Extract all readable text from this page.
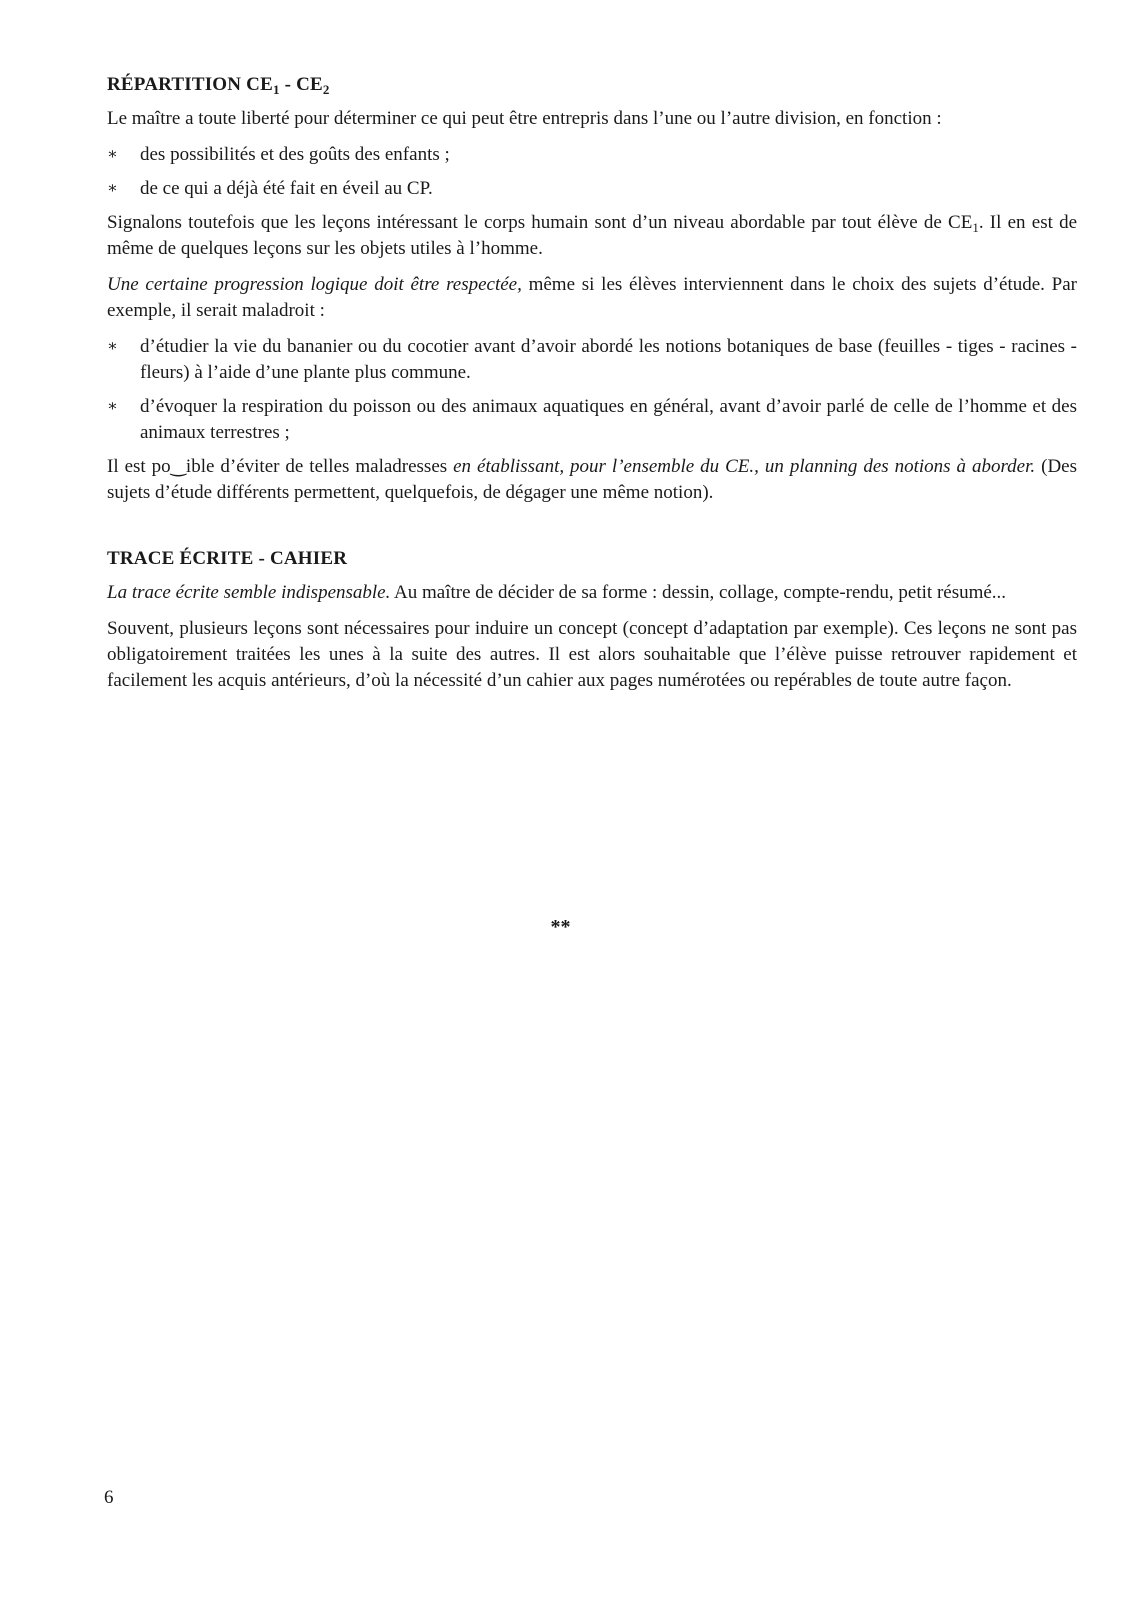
RÉPARTITION $CE_1 - CE_2$

Le maître a toute liberté pour déterminer ce qui peut être entrepris dans l’une ou l’autre division, en fonction :

∗	des possibilités et des goûts des enfants ;
∗	de ce qui a déjà été fait en éveil au CP.

Signalons toutefois que les leçons intéressant le corps humain sont d’un niveau abordable par tout élève de $CE_1$. Il en est de même de quelques leçons sur les objets utiles à l’homme.

Une certaine progression logique doit être respectée, même si les élèves interviennent dans le choix des sujets d’étude. Par exemple, il serait maladroit :

∗	d’étudier la vie du bananier ou du cocotier avant d’avoir abordé les notions botaniques de base (feuilles - tiges - racines - fleurs) à l’aide d’une plante plus commune.
∗	d’évoquer la respiration du poisson ou des animaux aquatiques en général, avant d’avoir parlé de celle de l’homme et des animaux terrestres ;

Il est po‿ible d’éviter de telles maladresses en établissant, pour l’ensemble du CE., un planning des notions à aborder. (Des sujets d’étude différents permettent, quelquefois, de dégager une même notion).

TRACE ÉCRITE - CAHIER

La trace écrite semble indispensable. Au maître de décider de sa forme : dessin, collage, compte-rendu, petit résumé...

Souvent, plusieurs leçons sont nécessaires pour induire un concept (concept d’adaptation par exemple). Ces leçons ne sont pas obligatoirement traitées les unes à la suite des autres. Il est alors souhaitable que l’élève puisse retrouver rapidement et facilement les acquis antérieurs, d’où la nécessité d’un cahier aux pages numérotées ou repérables de toute autre façon.

**
6
